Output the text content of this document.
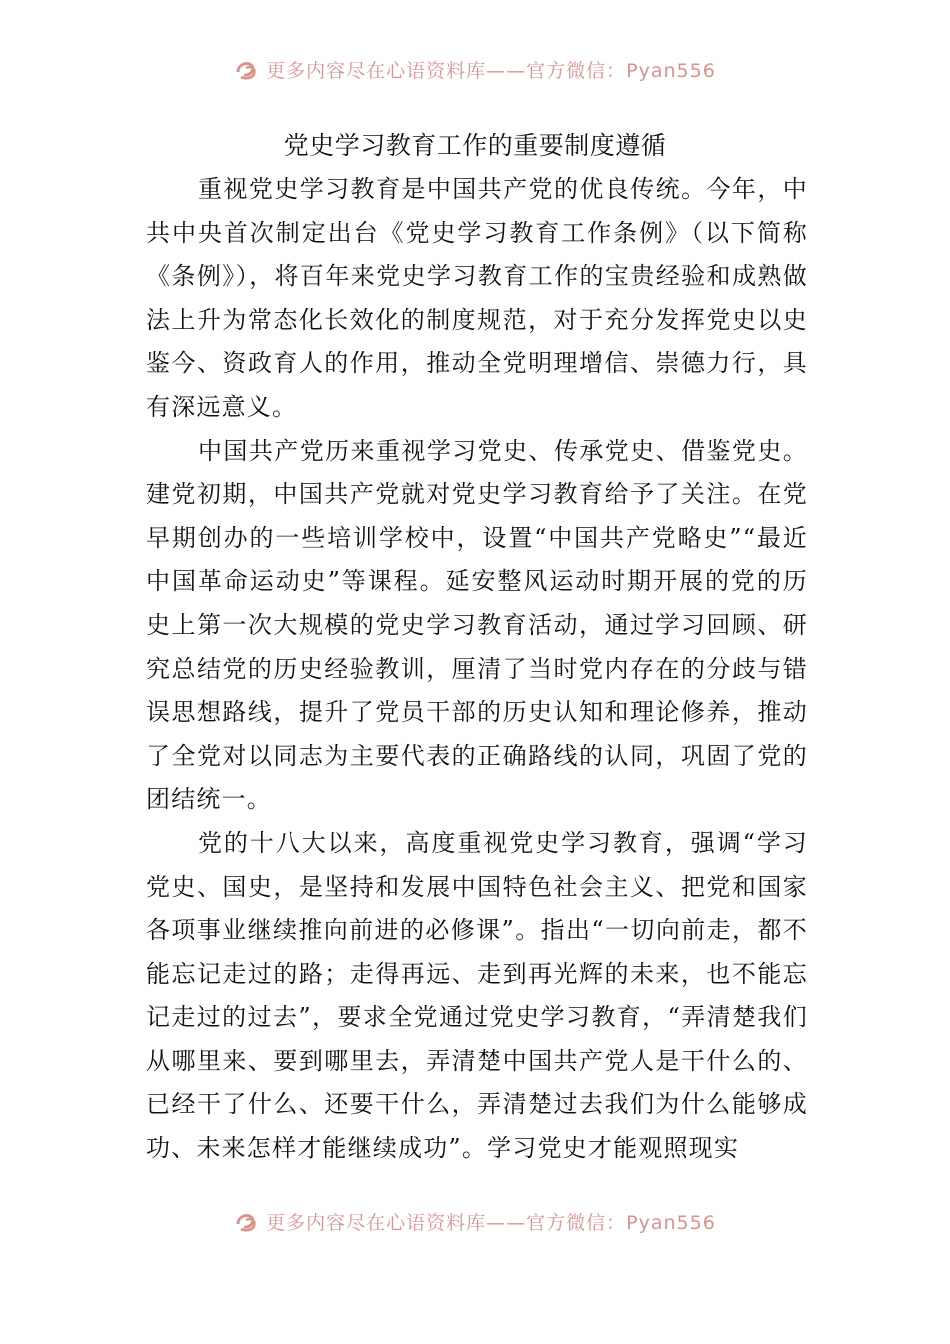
更多内容尽在心语资料库——官方微信：Pyan556
党史学习教育工作的重要制度遵循

重视党史学习教育是中国共产党的优良传统。今年，中共中央首次制定出台《党史学习教育工作条例》（以下简称《条例》），将百年来党史学习教育工作的宝贵经验和成熟做法上升为常态化长效化的制度规范，对于充分发挥党史以史鉴今、资政育人的作用，推动全党明理增信、崇德力行，具有深远意义。

中国共产党历来重视学习党史、传承党史、借鉴党史。建党初期，中国共产党就对党史学习教育给予了关注。在党早期创办的一些培训学校中，设置“中国共产党略史”“最近中国革命运动史”等课程。延安整风运动时期开展的党的历史上第一次大规模的党史学习教育活动，通过学习回顾、研究总结党的历史经验教训，厘清了当时党内存在的分歧与错误思想路线，提升了党员干部的历史认知和理论修养，推动了全党对以同志为主要代表的正确路线的认同，巩固了党的团结统一。

党的十八大以来，高度重视党史学习教育，强调“学习党史、国史，是坚持和发展中国特色社会主义、把党和国家各项事业继续推向前进的必修课”。指出“一切向前走，都不能忘记走过的路；走得再远、走到再光辉的未来，也不能忘记走过的过去”，要求全党通过党史学习教育，“弄清楚我们从哪里来、要到哪里去，弄清楚中国共产党人是干什么的、已经干了什么、还要干什么，弄清楚过去我们为什么能够成功、未来怎样才能继续成功”。学习党史才能观照现实

更多内容尽在心语资料库——官方微信：Pyan556
